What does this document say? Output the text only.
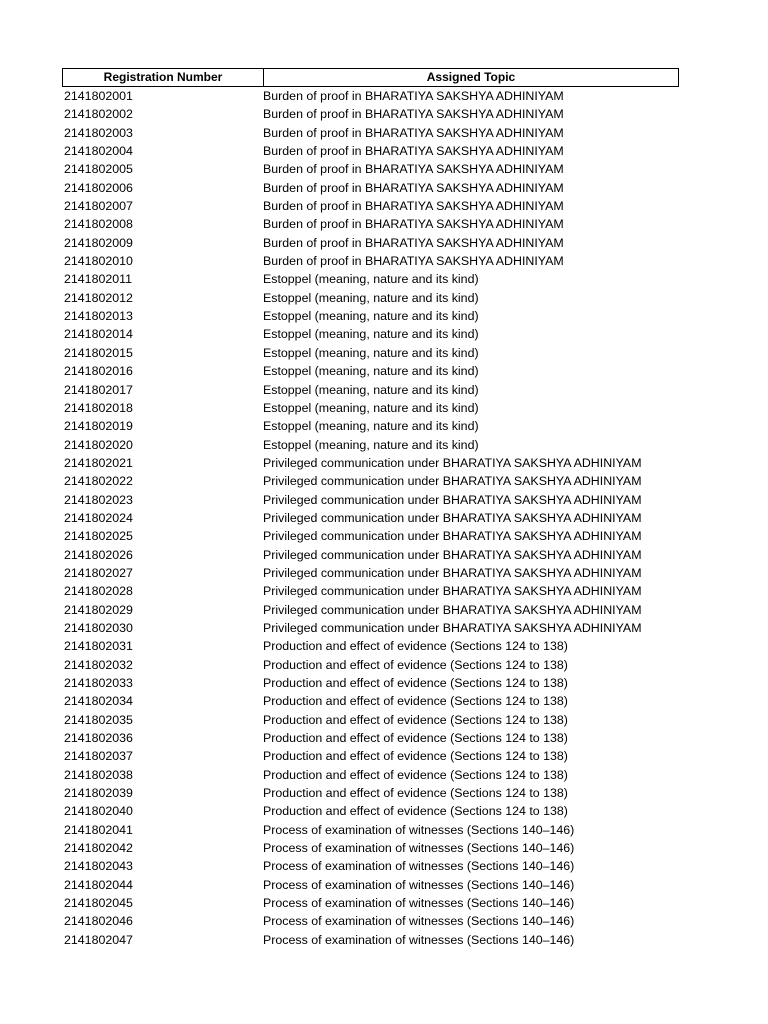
Registration Number	Assigned Topic
2141802001	Burden of proof in BHARATIYA SAKSHYA ADHINIYAM
2141802002	Burden of proof in BHARATIYA SAKSHYA ADHINIYAM
2141802003	Burden of proof in BHARATIYA SAKSHYA ADHINIYAM
2141802004	Burden of proof in BHARATIYA SAKSHYA ADHINIYAM
2141802005	Burden of proof in BHARATIYA SAKSHYA ADHINIYAM
2141802006	Burden of proof in BHARATIYA SAKSHYA ADHINIYAM
2141802007	Burden of proof in BHARATIYA SAKSHYA ADHINIYAM
2141802008	Burden of proof in BHARATIYA SAKSHYA ADHINIYAM
2141802009	Burden of proof in BHARATIYA SAKSHYA ADHINIYAM
2141802010	Burden of proof in BHARATIYA SAKSHYA ADHINIYAM
2141802011	Estoppel (meaning, nature and its kind)
2141802012	Estoppel (meaning, nature and its kind)
2141802013	Estoppel (meaning, nature and its kind)
2141802014	Estoppel (meaning, nature and its kind)
2141802015	Estoppel (meaning, nature and its kind)
2141802016	Estoppel (meaning, nature and its kind)
2141802017	Estoppel (meaning, nature and its kind)
2141802018	Estoppel (meaning, nature and its kind)
2141802019	Estoppel (meaning, nature and its kind)
2141802020	Estoppel (meaning, nature and its kind)
2141802021	Privileged communication under BHARATIYA SAKSHYA ADHINIYAM
2141802022	Privileged communication under BHARATIYA SAKSHYA ADHINIYAM
2141802023	Privileged communication under BHARATIYA SAKSHYA ADHINIYAM
2141802024	Privileged communication under BHARATIYA SAKSHYA ADHINIYAM
2141802025	Privileged communication under BHARATIYA SAKSHYA ADHINIYAM
2141802026	Privileged communication under BHARATIYA SAKSHYA ADHINIYAM
2141802027	Privileged communication under BHARATIYA SAKSHYA ADHINIYAM
2141802028	Privileged communication under BHARATIYA SAKSHYA ADHINIYAM
2141802029	Privileged communication under BHARATIYA SAKSHYA ADHINIYAM
2141802030	Privileged communication under BHARATIYA SAKSHYA ADHINIYAM
2141802031	Production and effect of evidence (Sections 124 to 138)
2141802032	Production and effect of evidence (Sections 124 to 138)
2141802033	Production and effect of evidence (Sections 124 to 138)
2141802034	Production and effect of evidence (Sections 124 to 138)
2141802035	Production and effect of evidence (Sections 124 to 138)
2141802036	Production and effect of evidence (Sections 124 to 138)
2141802037	Production and effect of evidence (Sections 124 to 138)
2141802038	Production and effect of evidence (Sections 124 to 138)
2141802039	Production and effect of evidence (Sections 124 to 138)
2141802040	Production and effect of evidence (Sections 124 to 138)
2141802041	Process of examination of witnesses (Sections 140–146)
2141802042	Process of examination of witnesses (Sections 140–146)
2141802043	Process of examination of witnesses (Sections 140–146)
2141802044	Process of examination of witnesses (Sections 140–146)
2141802045	Process of examination of witnesses (Sections 140–146)
2141802046	Process of examination of witnesses (Sections 140–146)
2141802047	Process of examination of witnesses (Sections 140–146)
